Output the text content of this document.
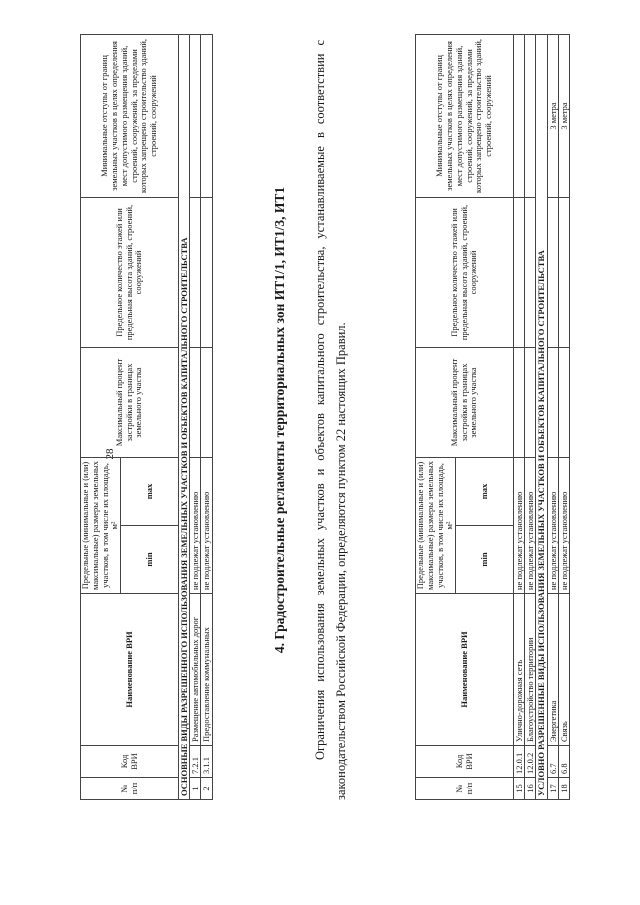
28
№ п/п	Код ВРИ	Наименование ВРИ	Предельные (минимальные и (или) максимальные) размеры земельных участков, в том числе их площадь, м²		Максимальный процент застройки в границах земельного участка	Предельное количество этажей или предельная высота зданий, строений, сооружений	Минимальные отступы от границ земельных участков в целях определения мест допустимого размещения зданий, строений, сооружений, за пределами которых запрещено строительство зданий, строений, сооружений
			min	max			
15	12.0.1	Улично-дорожная сеть	не подлежат установлению				
16	12.0.2	Благоустройство территории	не подлежат установлению				
УСЛОВНО РАЗРЕШЕННЫЕ ВИДЫ ИСПОЛЬЗОВАНИЯ ЗЕМЕЛЬНЫХ УЧАСТКОВ И ОБЪЕКТОВ КАПИТАЛЬНОГО СТРОИТЕЛЬСТВА							
17	6.7	Энергетика	не подлежат установлению				3 метра
18	6.8	Связь	не подлежат установлению				3 метра
Ограничения использования земельных участков и объектов капитального строительства, устанавливаемые в соответствии с законодательством Российской Федерации, определяются пунктом 22 настоящих Правил.
4. Градостроительные регламенты территориальных зон ИТ1/1, ИТ1/3, ИТ1
№ п/п	Код ВРИ	Наименование ВРИ	Предельные (минимальные и (или) максимальные) размеры земельных участков, в том числе их площадь, м²		Максимальный процент застройки в границах земельного участка	Предельное количество этажей или предельная высота зданий, строений, сооружений	Минимальные отступы от границ земельных участков в целях определения мест допустимого размещения зданий, строений, сооружений, за пределами которых запрещено строительство зданий, строений, сооружений
			min	max			
ОСНОВНЫЕ ВИДЫ РАЗРЕШЕННОГО ИСПОЛЬЗОВАНИЯ ЗЕМЕЛЬНЫХ УЧАСТКОВ И ОБЪЕКТОВ КАПИТАЛЬНОГО СТРОИТЕЛЬСТВА							
1	7.2.1	Размещение автомобильных дорог	не подлежат установлению				
2	3.1.1	Предоставление коммунальных	не подлежат установлению				
